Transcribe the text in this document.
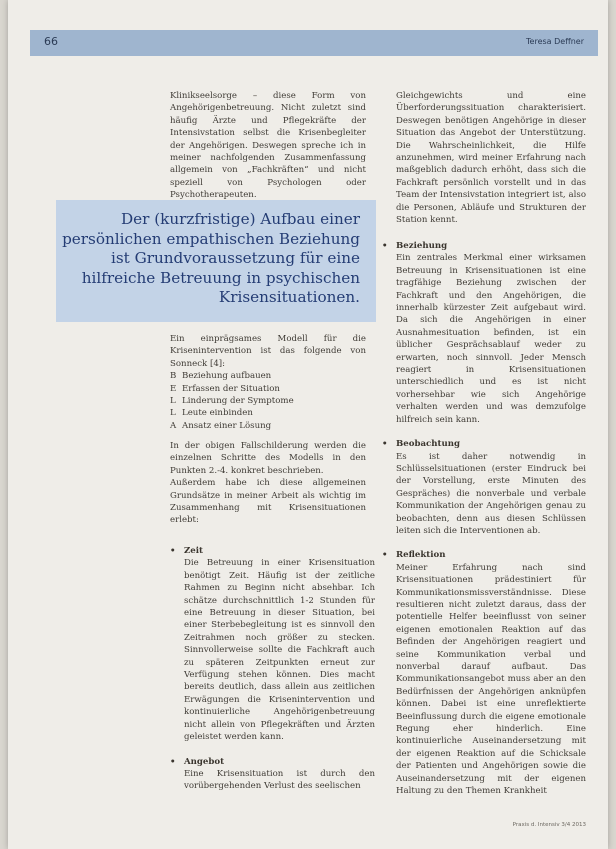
66	Teresa Deffner

Klinikseelsorge – diese Form von Angehörigenbetreuung. Nicht zuletzt sind häufig Ärzte und Pflegekräfte der Intensivstation selbst die Krisenbegleiter der Angehörigen. Deswegen spreche ich in meiner nachfolgenden Zusammenfassung allgemein von „Fachkräften“ und nicht speziell von Psychologen oder Psychotherapeuten.

Der (kurzfristige) Aufbau einer
persönlichen empathischen Beziehung
ist Grundvoraussetzung für eine
hilfreiche Betreuung in psychischen
Krisensituationen.

Ein einprägsames Modell für die Krisenintervention ist das folgende von Sonneck [4]:

B Beziehung aufbauen
E Erfassen der Situation
L Linderung der Symptome
L Leute einbinden
A Ansatz einer Lösung

In der obigen Fallschilderung werden die einzelnen Schritte des Modells in den Punkten 2.-4. konkret beschrieben.

Außerdem habe ich diese allgemeinen Grundsätze in meiner Arbeit als wichtig im Zusammenhang mit Krisensituationen erlebt:

• Zeit
Die Betreuung in einer Krisensituation benötigt Zeit. Häufig ist der zeitliche Rahmen zu Beginn nicht absehbar. Ich schätze durchschnittlich 1-2 Stunden für eine Betreuung in dieser Situation, bei einer Sterbebegleitung ist es sinnvoll den Zeitrahmen noch größer zu stecken. Sinnvollerweise sollte die Fachkraft auch zu späteren Zeitpunkten erneut zur Verfügung stehen können. Dies macht bereits deutlich, dass allein aus zeitlichen Erwägungen die Krisenintervention und kontinuierliche Angehörigenbetreuung nicht allein von Pflegekräften und Ärzten geleistet werden kann.
• Angebot
Eine Krisensituation ist durch den vorübergehenden Verlust des seelischen

Gleichgewichts und eine Überforderungssituation charakterisiert. Deswegen benötigen Angehörige in dieser Situation das Angebot der Unterstützung. Die Wahrscheinlichkeit, die Hilfe anzunehmen, wird meiner Erfahrung nach maßgeblich dadurch erhöht, dass sich die Fachkraft persönlich vorstellt und in das Team der Intensivstation integriert ist, also die Personen, Abläufe und Strukturen der Station kennt.

• Beziehung
Ein zentrales Merkmal einer wirksamen Betreuung in Krisensituationen ist eine tragfähige Beziehung zwischen der Fachkraft und den Angehörigen, die innerhalb kürzester Zeit aufgebaut wird. Da sich die Angehörigen in einer Ausnahmesituation befinden, ist ein üblicher Gesprächsablauf weder zu erwarten, noch sinnvoll. Jeder Mensch reagiert in Krisensituationen unterschiedlich und es ist nicht vorhersehbar wie sich Angehörige verhalten werden und was demzufolge hilfreich sein kann.
• Beobachtung
Es ist daher notwendig in Schlüsselsituationen (erster Eindruck bei der Vorstellung, erste Minuten des Gespräches) die nonverbale und verbale Kommunikation der Angehörigen genau zu beobachten, denn aus diesen Schlüssen leiten sich die Interventionen ab.
• Reflektion
Meiner Erfahrung nach sind Krisensituationen prädestiniert für Kommunikationsmissverständnisse. Diese resultieren nicht zuletzt daraus, dass der potentielle Helfer beeinflusst von seiner eigenen emotionalen Reaktion auf das Befinden der Angehörigen reagiert und seine Kommunikation verbal und nonverbal darauf aufbaut. Das Kommunikationsangebot muss aber an den Bedürfnissen der Angehörigen anknüpfen können. Dabei ist eine unreflektierte Beeinflussung durch die eigene emotionale Regung eher hinderlich. Eine kontinuierliche Auseinandersetzung mit der eigenen Reaktion auf die Schicksale der Patienten und Angehörigen sowie die Auseinandersetzung mit der eigenen Haltung zu den Themen Krankheit
Praxis d. Intensiv 3/4 2013
